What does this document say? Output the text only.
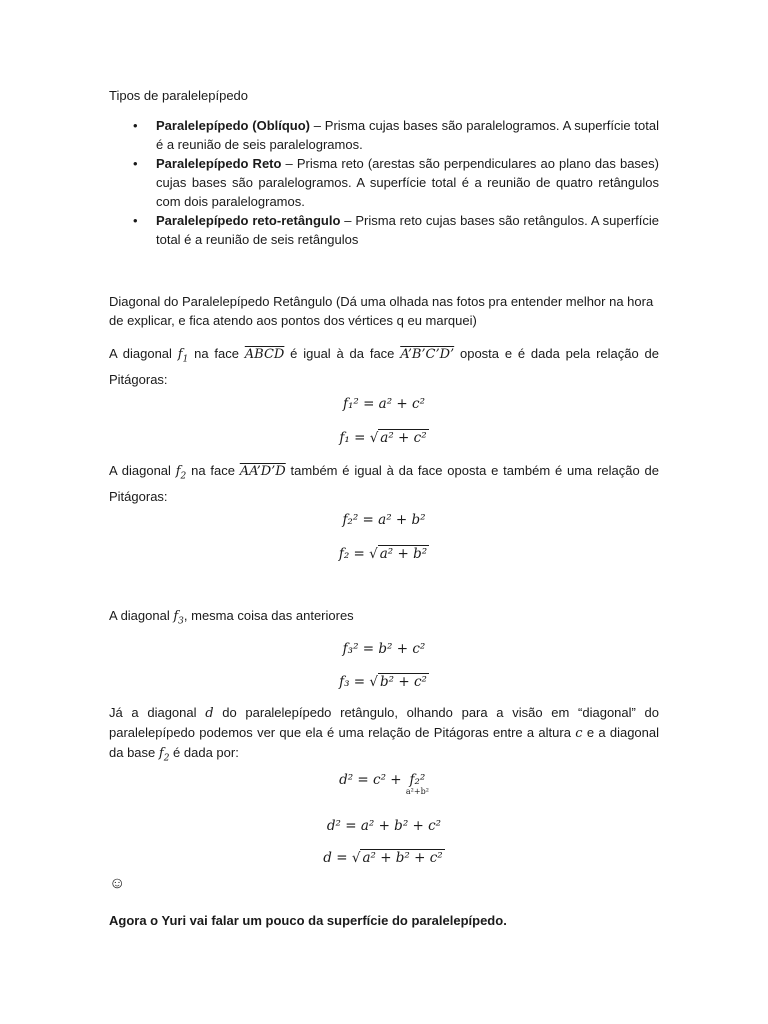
Tipos de paralelepípedo
• Paralelepípedo (Oblíquo) – Prisma cujas bases são paralelogramos. A superfície total é a reunião de seis paralelogramos.
• Paralelepípedo Reto – Prisma reto (arestas são perpendiculares ao plano das bases) cujas bases são paralelogramos. A superfície total é a reunião de quatro retângulos com dois paralelogramos.
• Paralelepípedo reto-retângulo – Prisma reto cujas bases são retângulos. A superfície total é a reunião de seis retângulos
Diagonal do Paralelepípedo Retângulo (Dá uma olhada nas fotos pra entender melhor na hora de explicar, e fica atendo aos pontos dos vértices q eu marquei)
A diagonal $f_1$ na face ABCD é igual à da face A’B’C’D’ oposta e é dada pela relação de Pitágoras:
f₁² = a² + c²
f₁ = √ a² + c²
A diagonal $f_2$ na face AA’D’D também é igual à da face oposta e também é uma relação de Pitágoras:
f₂² = a² + b²
f₂ = √ a² + b²
A diagonal $f_3$, mesma coisa das anteriores
f₃² = b² + c²
f₃ = √ b² + c²
Já a diagonal d do paralelepípedo retângulo, olhando para a visão em “diagonal” do paralelepípedo podemos ver que ela é uma relação de Pitágoras entre a altura c e a diagonal da base $f_2$ é dada por:
d² = c² + f₂²
a²+b²
d² = a² + b² + c²
d = √ a² + b² + c²
☺
Agora o Yuri vai falar um pouco da superfície do paralelepípedo.
